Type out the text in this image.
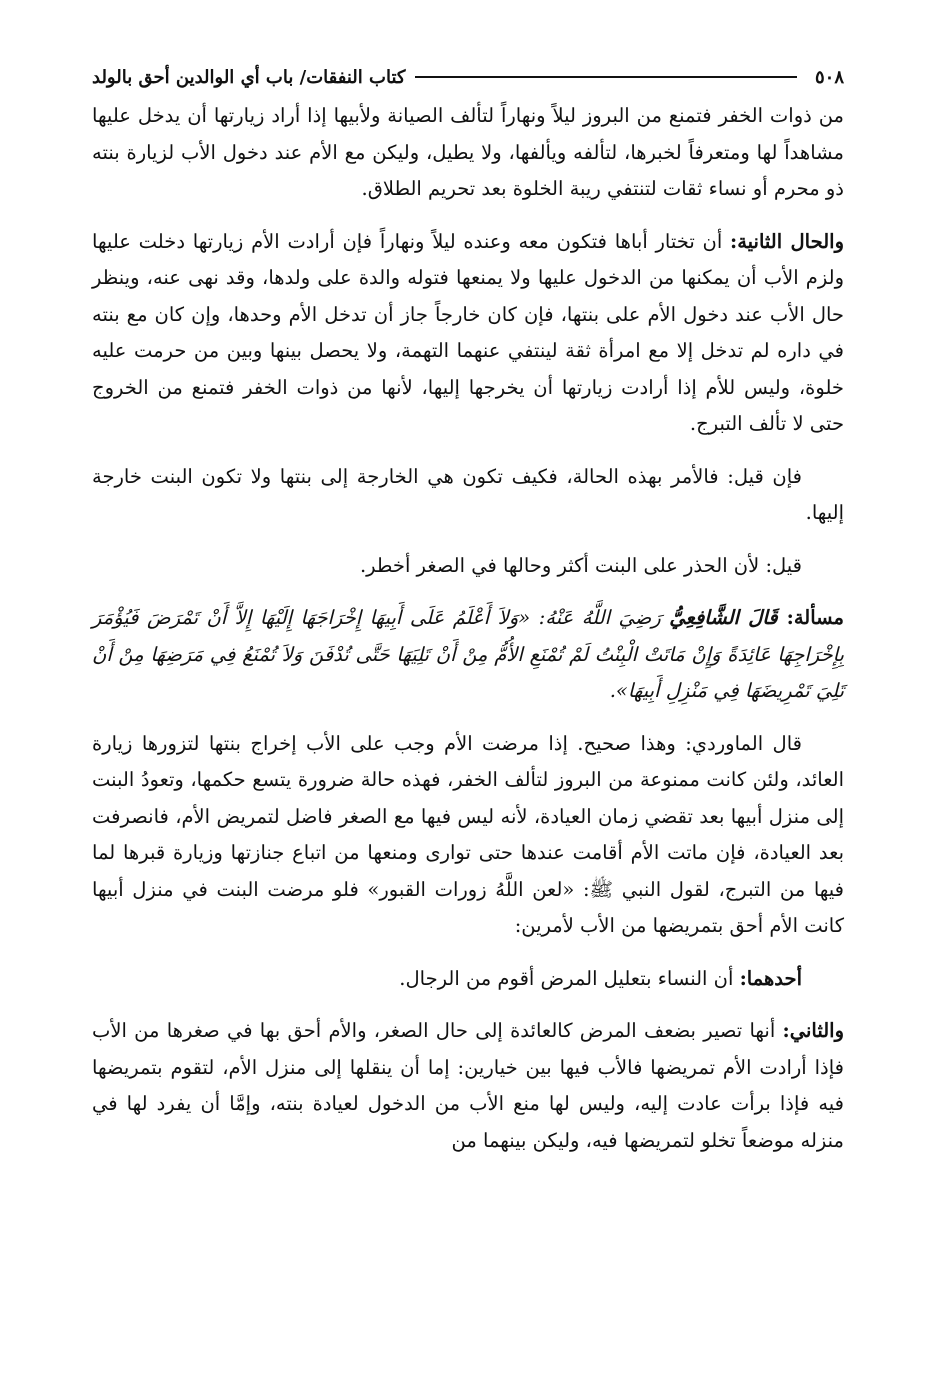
٥٠٨
كتاب النفقات/ باب أي الوالدين أحق بالولد

من ذوات الخفر فتمنع من البروز ليلاً ونهاراً لتألف الصيانة ولأبيها إذا أراد زيارتها أن يدخل عليها مشاهداً لها ومتعرفاً لخبرها، لتألفه ويألفها، ولا يطيل، وليكن مع الأم عند دخول الأب لزيارة بنته ذو محرم أو نساء ثقات لتنتفي ريبة الخلوة بعد تحريم الطلاق.

والحال الثانية: أن تختار أباها فتكون معه وعنده ليلاً ونهاراً فإن أرادت الأم زيارتها دخلت عليها ولزم الأب أن يمكنها من الدخول عليها ولا يمنعها فتوله والدة على ولدها، وقد نهى عنه، وينظر حال الأب عند دخول الأم على بنتها، فإن كان خارجاً جاز أن تدخل الأم وحدها، وإن كان مع بنته في داره لم تدخل إلا مع امرأة ثقة لينتفي عنهما التهمة، ولا يحصل بينها وبين من حرمت عليه خلوة، وليس للأم إذا أرادت زيارتها أن يخرجها إليها، لأنها من ذوات الخفر فتمنع من الخروج حتى لا تألف التبرج.

فإن قيل: فالأمر بهذه الحالة، فكيف تكون هي الخارجة إلى بنتها ولا تكون البنت خارجة إليها.

قيل: لأن الحذر على البنت أكثر وحالها في الصغر أخطر.

مسألة: قَالَ الشَّافِعِيُّ رَضِيَ اللَّهُ عَنْهُ: «وَلاَ أَعْلَمُ عَلَى أَبِيهَا إِخْرَاجَهَا إِلَيْهَا إِلاَّ أَنْ تَمْرَضَ فَيُؤْمَرَ بِإِخْرَاجِهَا عَائِدَةً وَإِنْ مَاتَتْ الْبِنْتُ لَمْ تُمْنَعِ الأُمُّ مِنْ أَنْ تَلِيَهَا حَتَّى تُدْفَنَ وَلاَ تُمْنَعُ فِي مَرَضِهَا مِنْ أَنْ تَلِيَ تَمْرِيضَهَا فِي مَنْزِلِ أَبِيهَا».

قال الماوردي: وهذا صحيح. إذا مرضت الأم وجب على الأب إخراج بنتها لتزورها زيارة العائد، ولئن كانت ممنوعة من البروز لتألف الخفر، فهذه حالة ضرورة يتسع حكمها، وتعودُ البنت إلى منزل أبيها بعد تقضي زمان العيادة، لأنه ليس فيها مع الصغر فاضل لتمريض الأم، فانصرفت بعد العيادة، فإن ماتت الأم أقامت عندها حتى توارى ومنعها من اتباع جنازتها وزيارة قبرها لما فيها من التبرج، لقول النبي ﷺ: «لعن اللَّهُ زورات القبور» فلو مرضت البنت في منزل أبيها كانت الأم أحق بتمريضها من الأب لأمرين:

أحدهما: أن النساء بتعليل المرض أقوم من الرجال.

والثاني: أنها تصير بضعف المرض كالعائدة إلى حال الصغر، والأم أحق بها في صغرها من الأب فإذا أرادت الأم تمريضها فالأب فيها بين خيارين: إما أن ينقلها إلى منزل الأم، لتقوم بتمريضها فيه فإذا برأت عادت إليه، وليس لها منع الأب من الدخول لعيادة بنته، وإمَّا أن يفرد لها في منزله موضعاً تخلو لتمريضها فيه، وليكن بينهما من
